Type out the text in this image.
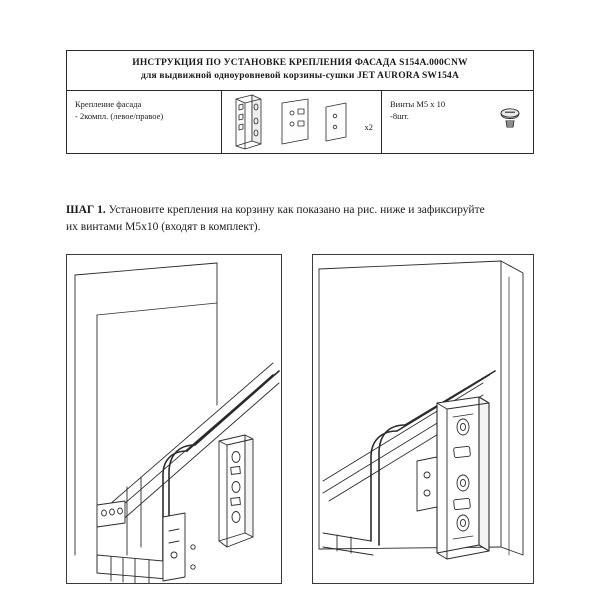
ИНСТРУКЦИЯ ПО УСТАНОВКЕ КРЕПЛЕНИЯ ФАСАДА S154A.000CNW
для выдвижной одноуровневой корзины-сушки JET AURORA SW154A
Крепление фасада
- 2компл. (левое/правое)
х2
Винты M5 x 10
-8шт.
ШАГ 1. Установите крепления на корзину как показано на рис. ниже и зафиксируйте
их винтами M5x10 (входят в комплект).
